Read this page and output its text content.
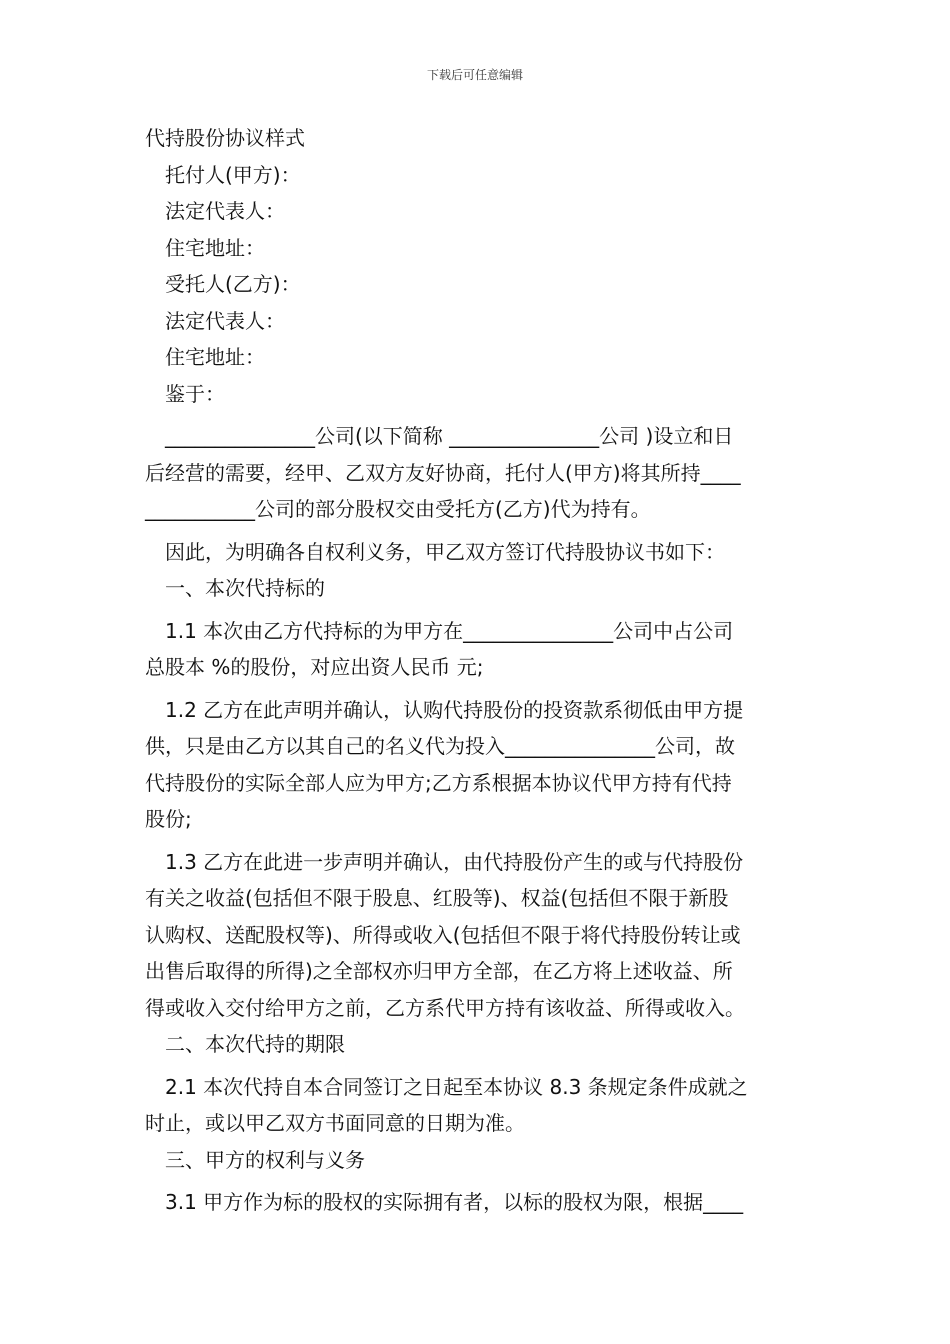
下载后可任意编辑

代持股份协议样式

托付人(甲方)：

法定代表人：

住宅地址：

受托人(乙方)：

法定代表人：

住宅地址：

鉴于：

_______________公司(以下简称 _______________公司 )设立和日

后经营的需要，经甲、乙双方友好协商，托付人(甲方)将其所持____

___________公司的部分股权交由受托方(乙方)代为持有。

因此，为明确各自权利义务，甲乙双方签订代持股协议书如下：

一、本次代持标的

1.1 本次由乙方代持标的为甲方在_______________公司中占公司

总股本 %的股份，对应出资人民币 元;

1.2 乙方在此声明并确认，认购代持股份的投资款系彻低由甲方提

供，只是由乙方以其自己的名义代为投入_______________公司，故

代持股份的实际全部人应为甲方;乙方系根据本协议代甲方持有代持

股份;

1.3 乙方在此进一步声明并确认，由代持股份产生的或与代持股份

有关之收益(包括但不限于股息、红股等)、权益(包括但不限于新股

认购权、送配股权等)、所得或收入(包括但不限于将代持股份转让或

出售后取得的所得)之全部权亦归甲方全部，在乙方将上述收益、所

得或收入交付给甲方之前，乙方系代甲方持有该收益、所得或收入。

二、本次代持的期限

2.1 本次代持自本合同签订之日起至本协议 8.3 条规定条件成就之

时止，或以甲乙双方书面同意的日期为准。

三、甲方的权利与义务

3.1 甲方作为标的股权的实际拥有者，以标的股权为限，根据____
